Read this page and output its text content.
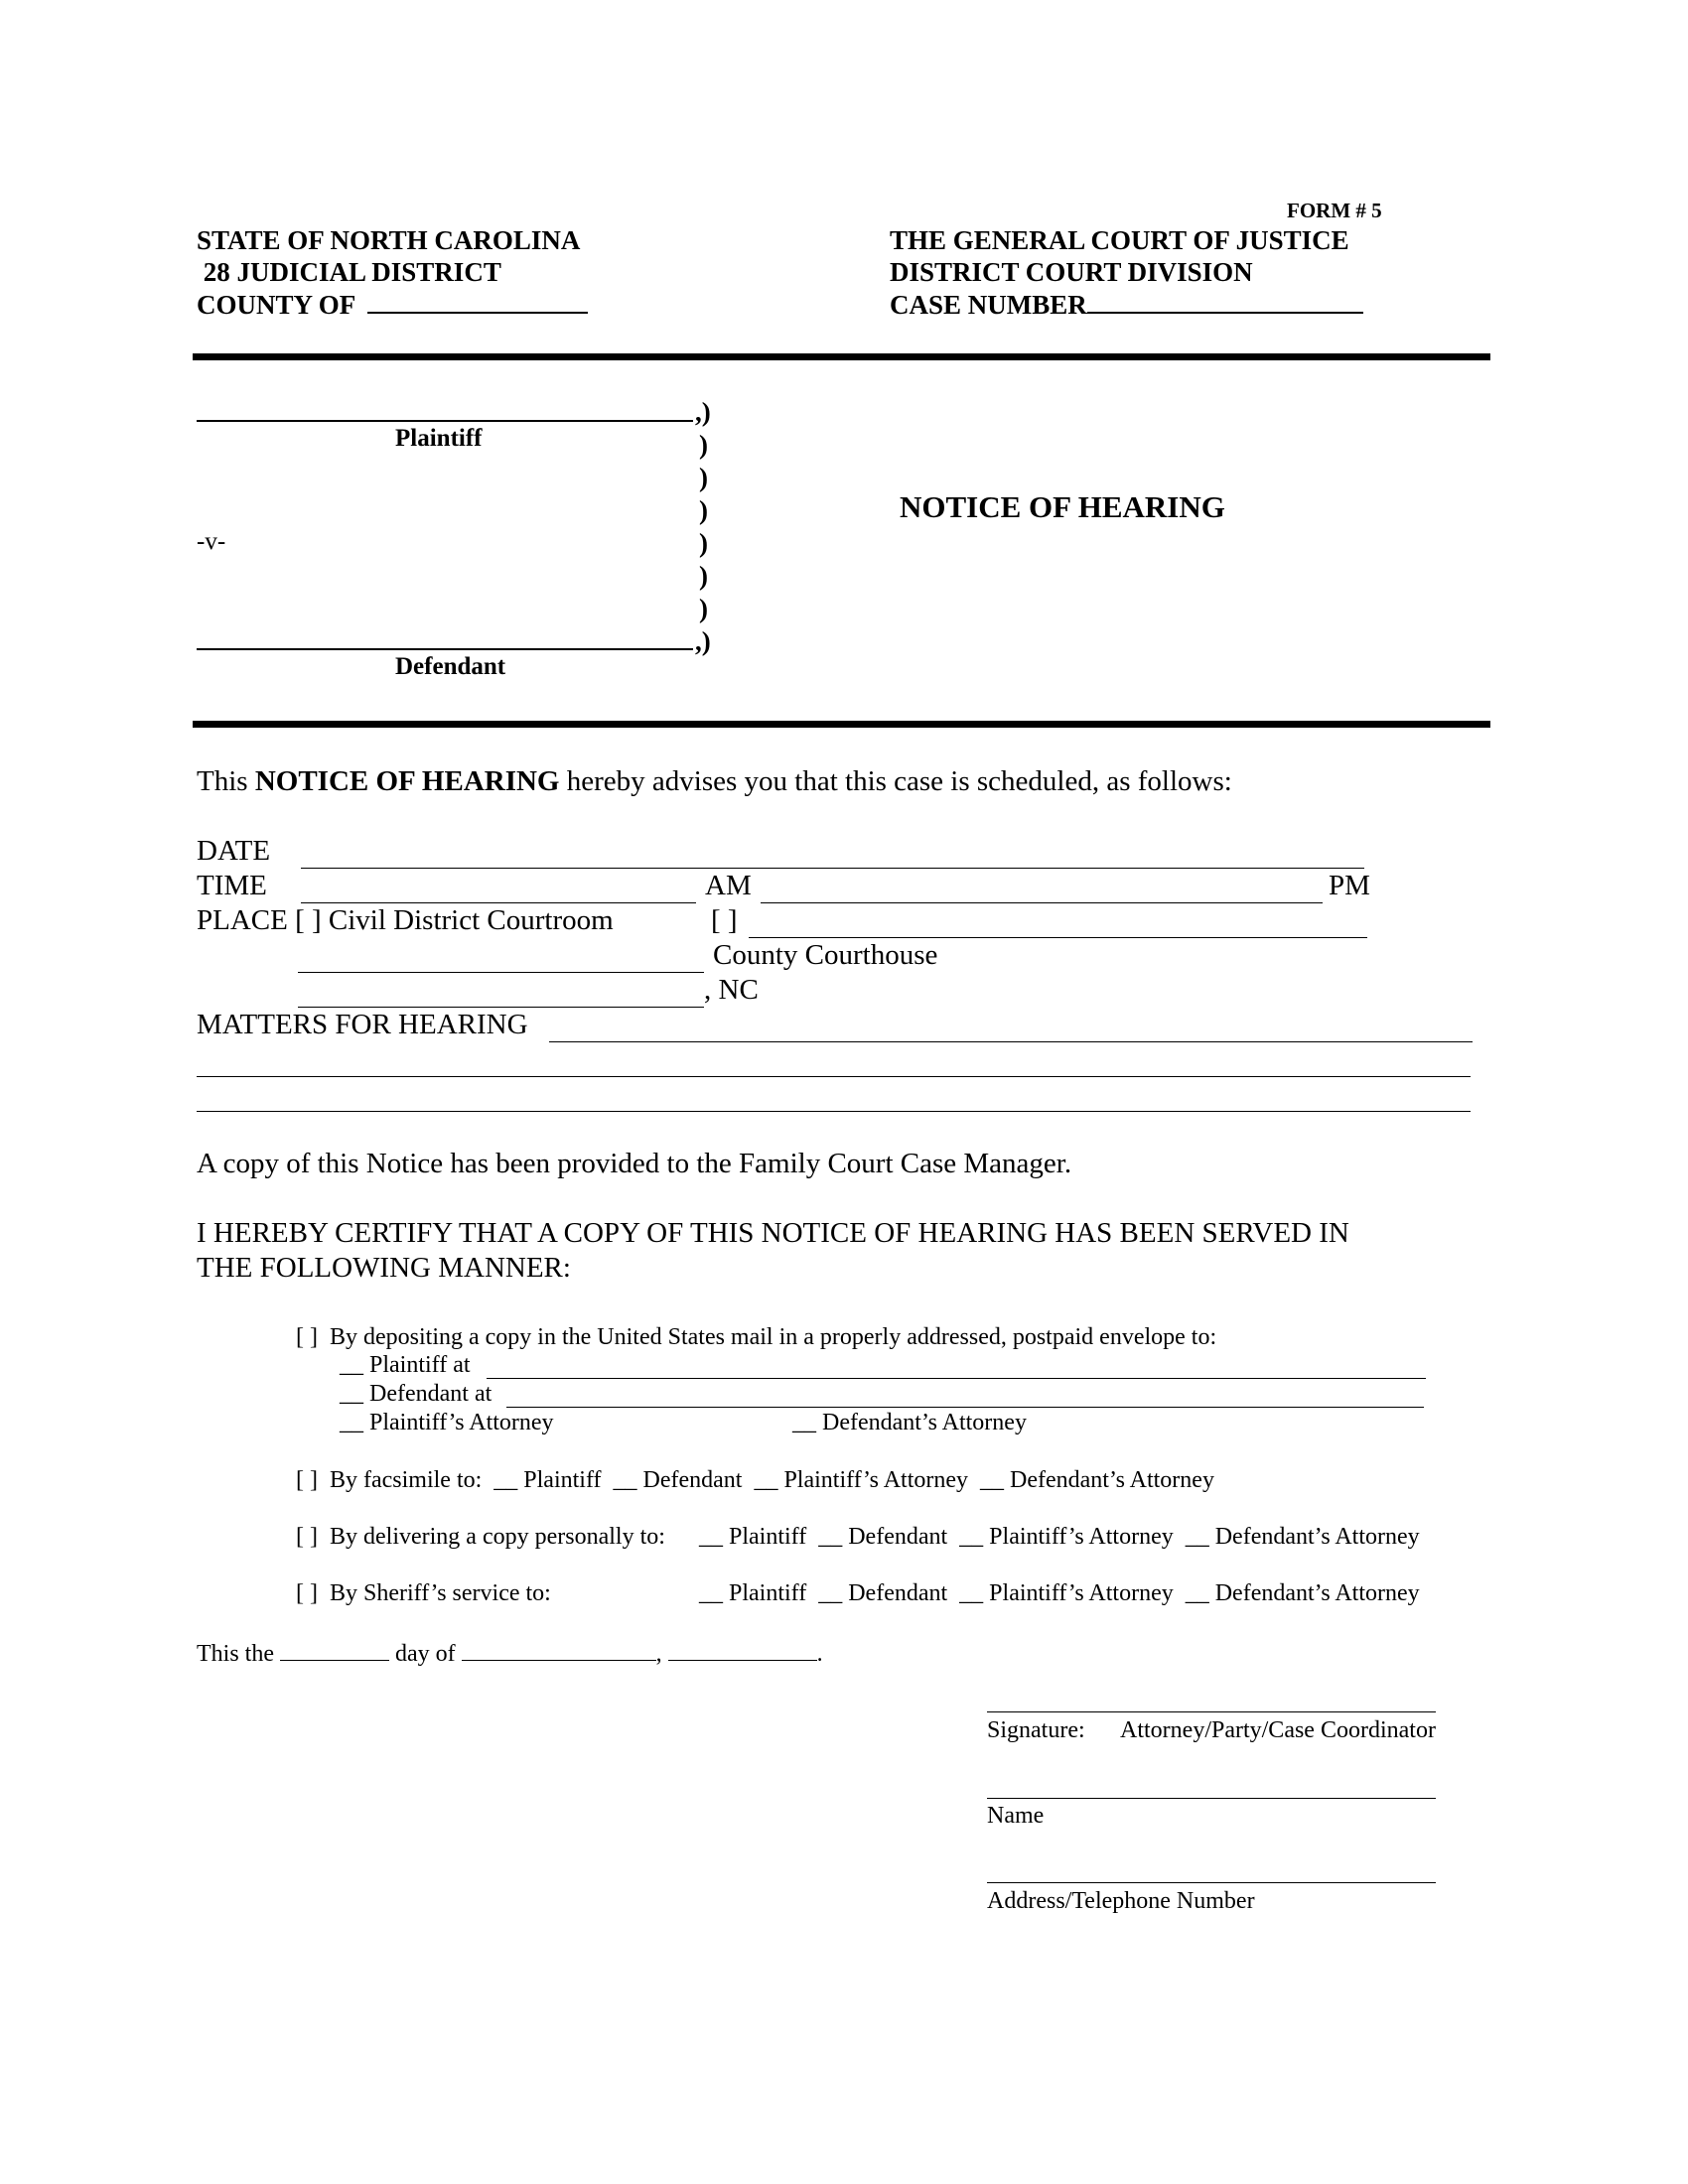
FORM # 5
STATE OF NORTH CAROLINA
28 JUDICIAL DISTRICT
COUNTY OF
THE GENERAL COURT OF JUSTICE
DISTRICT COURT DIVISION
CASE NUMBER
Plaintiff
-v-
Defendant
,)
)
)
)
)
)
)
,)
NOTICE OF HEARING
This NOTICE OF HEARING hereby advises you that this case is scheduled, as follows:
DATE
TIME	AM	PM
PLACE [ ] Civil District Courtroom	[ ]
County Courthouse
, NC
MATTERS FOR HEARING
A copy of this Notice has been provided to the Family Court Case Manager.
I HEREBY CERTIFY THAT A COPY OF THIS NOTICE OF HEARING HAS BEEN SERVED IN
THE FOLLOWING MANNER:
[ ]  By depositing a copy in the United States mail in a properly addressed, postpaid envelope to:
__ Plaintiff at
__ Defendant at
__ Plaintiff’s Attorney	__ Defendant’s Attorney
[ ]  By facsimile to:  __ Plaintiff  __ Defendant  __ Plaintiff’s Attorney  __ Defendant’s Attorney
[ ]  By delivering a copy personally to: __ Plaintiff  __ Defendant  __ Plaintiff’s Attorney  __ Defendant’s Attorney
[ ]  By Sheriff’s service to:	__ Plaintiff  __ Defendant  __ Plaintiff’s Attorney  __ Defendant’s Attorney
This the	day of	,	.
Signature: Attorney/Party/Case Coordinator
Name
Address/Telephone Number
